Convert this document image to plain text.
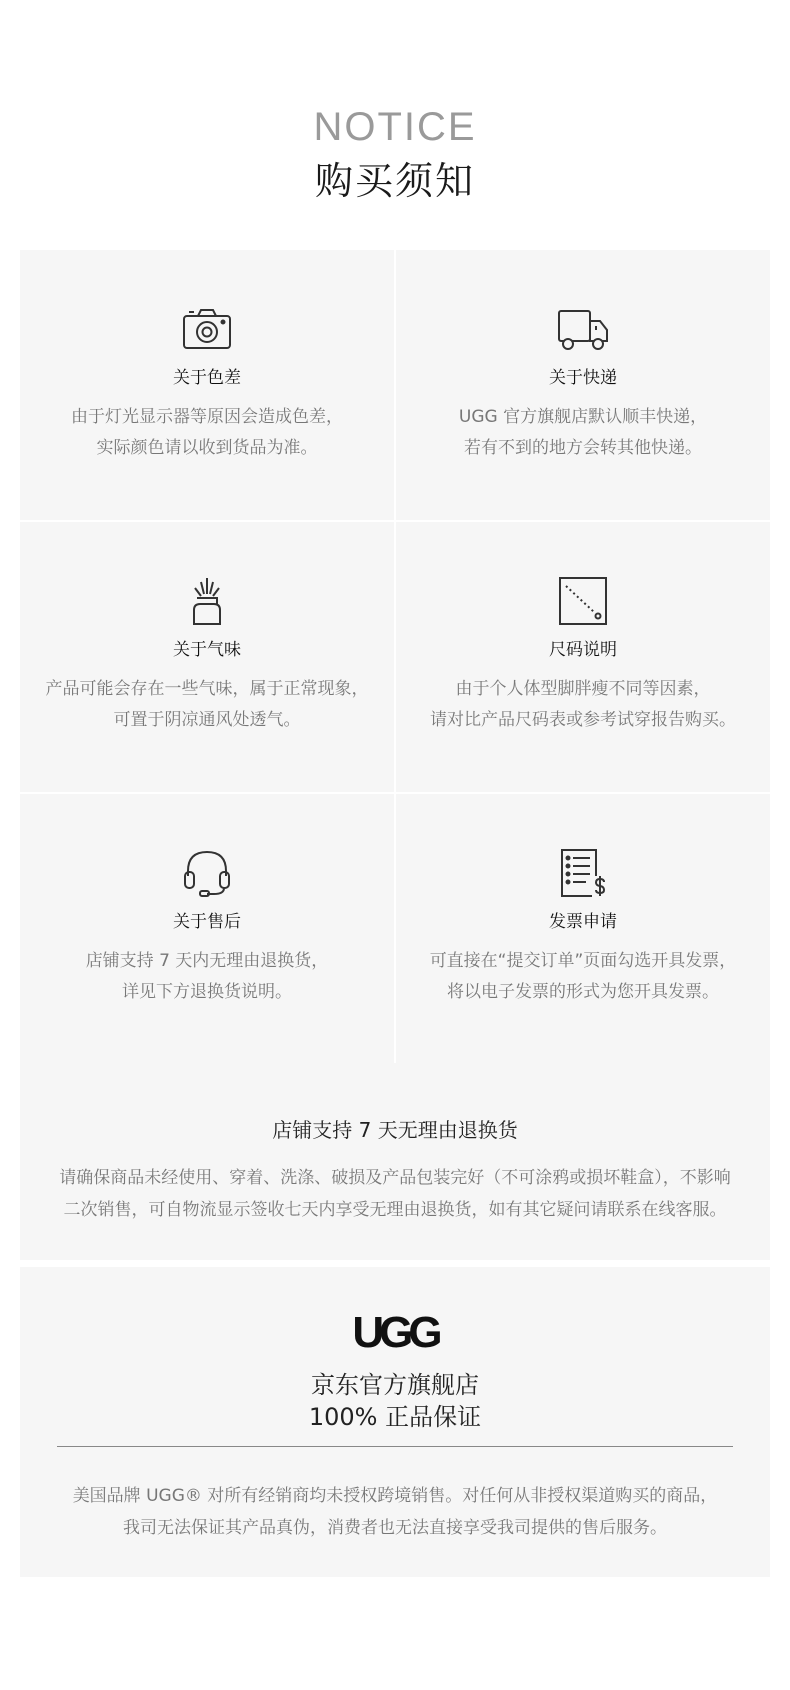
NOTICE
购买须知
关于色差
由于灯光显示器等原因会造成色差，
实际颜色请以收到货品为准。
关于快递
UGG 官方旗舰店默认顺丰快递，
若有不到的地方会转其他快递。
关于气味
产品可能会存在一些气味，属于正常现象，
可置于阴凉通风处透气。
尺码说明
由于个人体型脚胖瘦不同等因素，
请对比产品尺码表或参考试穿报告购买。
关于售后
店铺支持 7 天内无理由退换货，
详见下方退换货说明。
发票申请
可直接在“提交订单”页面勾选开具发票，
将以电子发票的形式为您开具发票。
店铺支持 7 天无理由退换货
请确保商品未经使用、穿着、洗涤、破损及产品包装完好（不可涂鸦或损坏鞋盒），不影响
二次销售，可自物流显示签收七天内享受无理由退换货，如有其它疑问请联系在线客服。
UGG
京东官方旗舰店
100% 正品保证
美国品牌 UGG® 对所有经销商均未授权跨境销售。对任何从非授权渠道购买的商品，
我司无法保证其产品真伪，消费者也无法直接享受我司提供的售后服务。
